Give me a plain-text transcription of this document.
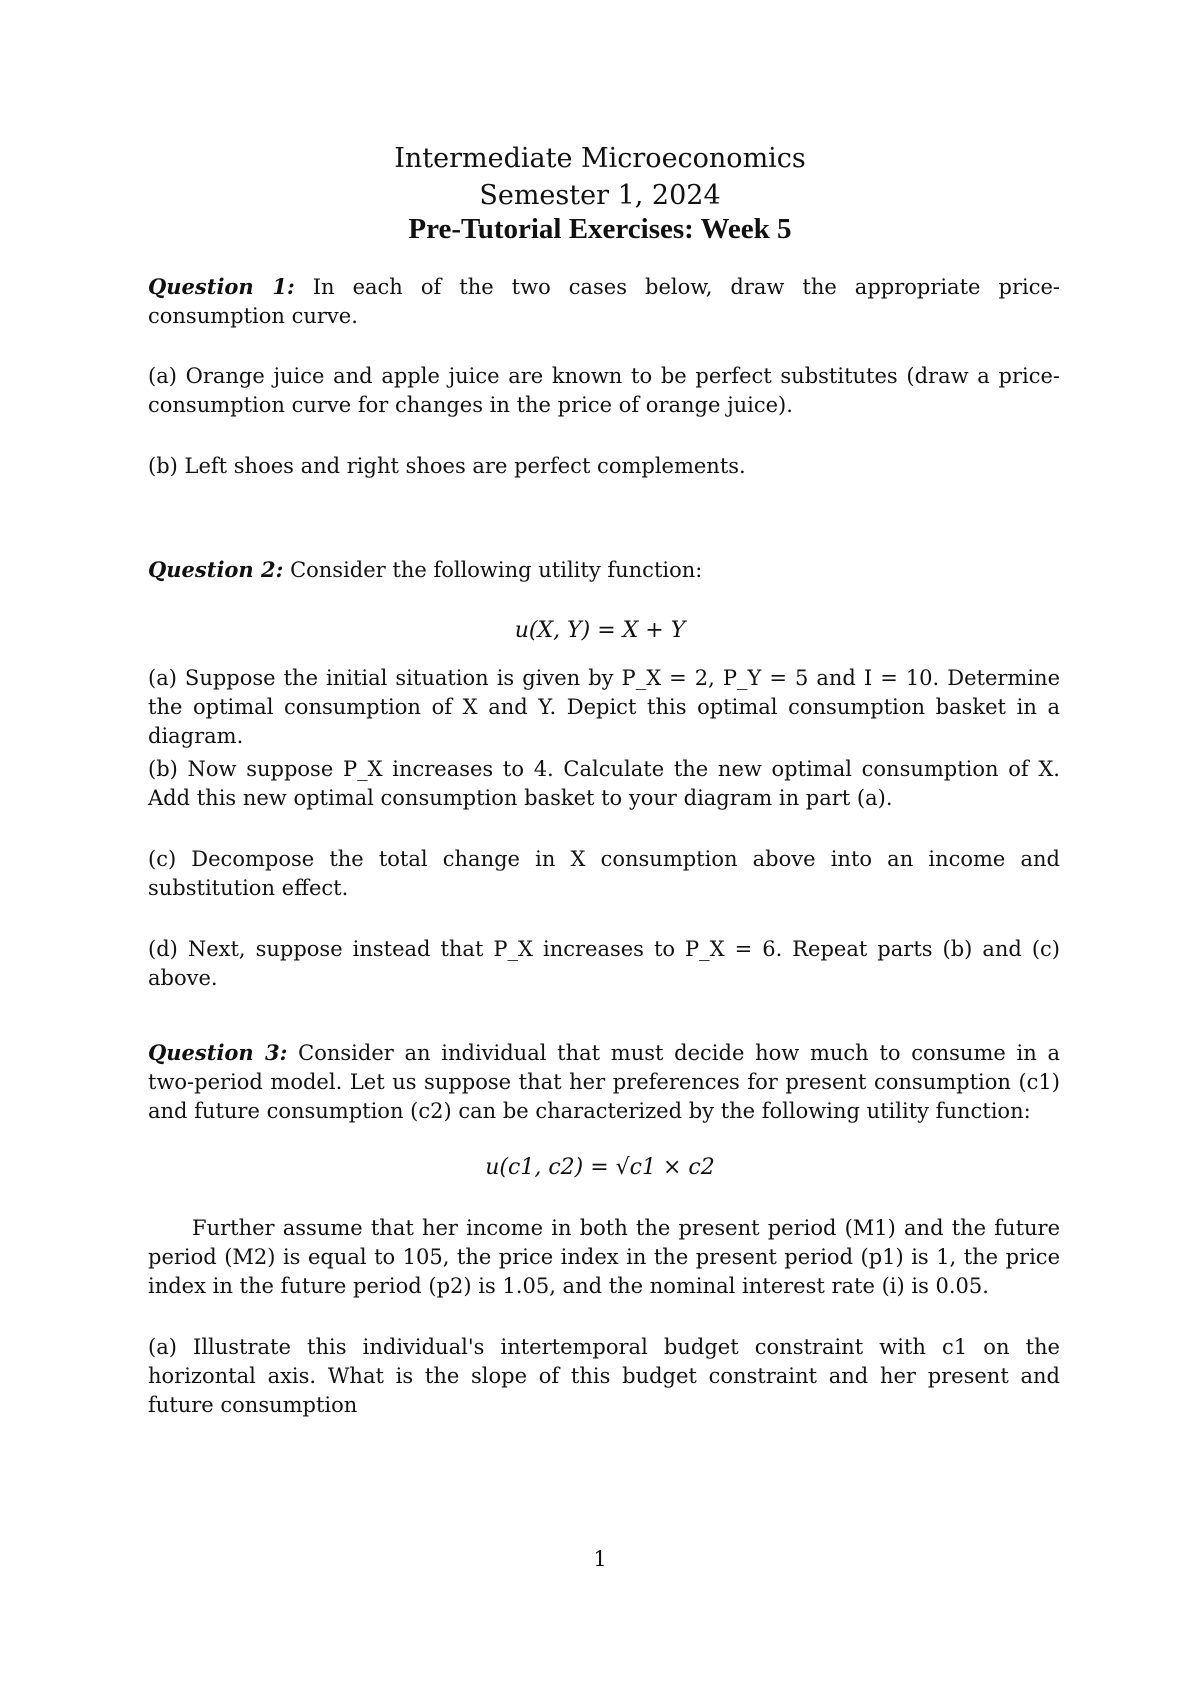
Intermediate Microeconomics
Semester 1, 2024
Pre-Tutorial Exercises: Week 5
Question 1: In each of the two cases below, draw the appropriate price-consumption curve.
(a) Orange juice and apple juice are known to be perfect substitutes (draw a price-consumption curve for changes in the price of orange juice).
(b) Left shoes and right shoes are perfect complements.
Question 2: Consider the following utility function:
u(X, Y) = X + Y
(a) Suppose the initial situation is given by P_X = 2, P_Y = 5 and I = 10. Determine the optimal consumption of X and Y. Depict this optimal consumption basket in a diagram.
(b) Now suppose P_X increases to 4. Calculate the new optimal consumption of X. Add this new optimal consumption basket to your diagram in part (a).
(c) Decompose the total change in X consumption above into an income and substitution effect.
(d) Next, suppose instead that P_X increases to P_X = 6. Repeat parts (b) and (c) above.
Question 3: Consider an individual that must decide how much to consume in a two-period model. Let us suppose that her preferences for present consumption (c1) and future consumption (c2) can be characterized by the following utility function:
u(c1, c2) = √c1 × c2
Further assume that her income in both the present period (M1) and the future period (M2) is equal to 105, the price index in the present period (p1) is 1, the price index in the future period (p2) is 1.05, and the nominal interest rate (i) is 0.05.
(a) Illustrate this individual's intertemporal budget constraint with c1 on the horizontal axis. What is the slope of this budget constraint and her present and future consumption
1
